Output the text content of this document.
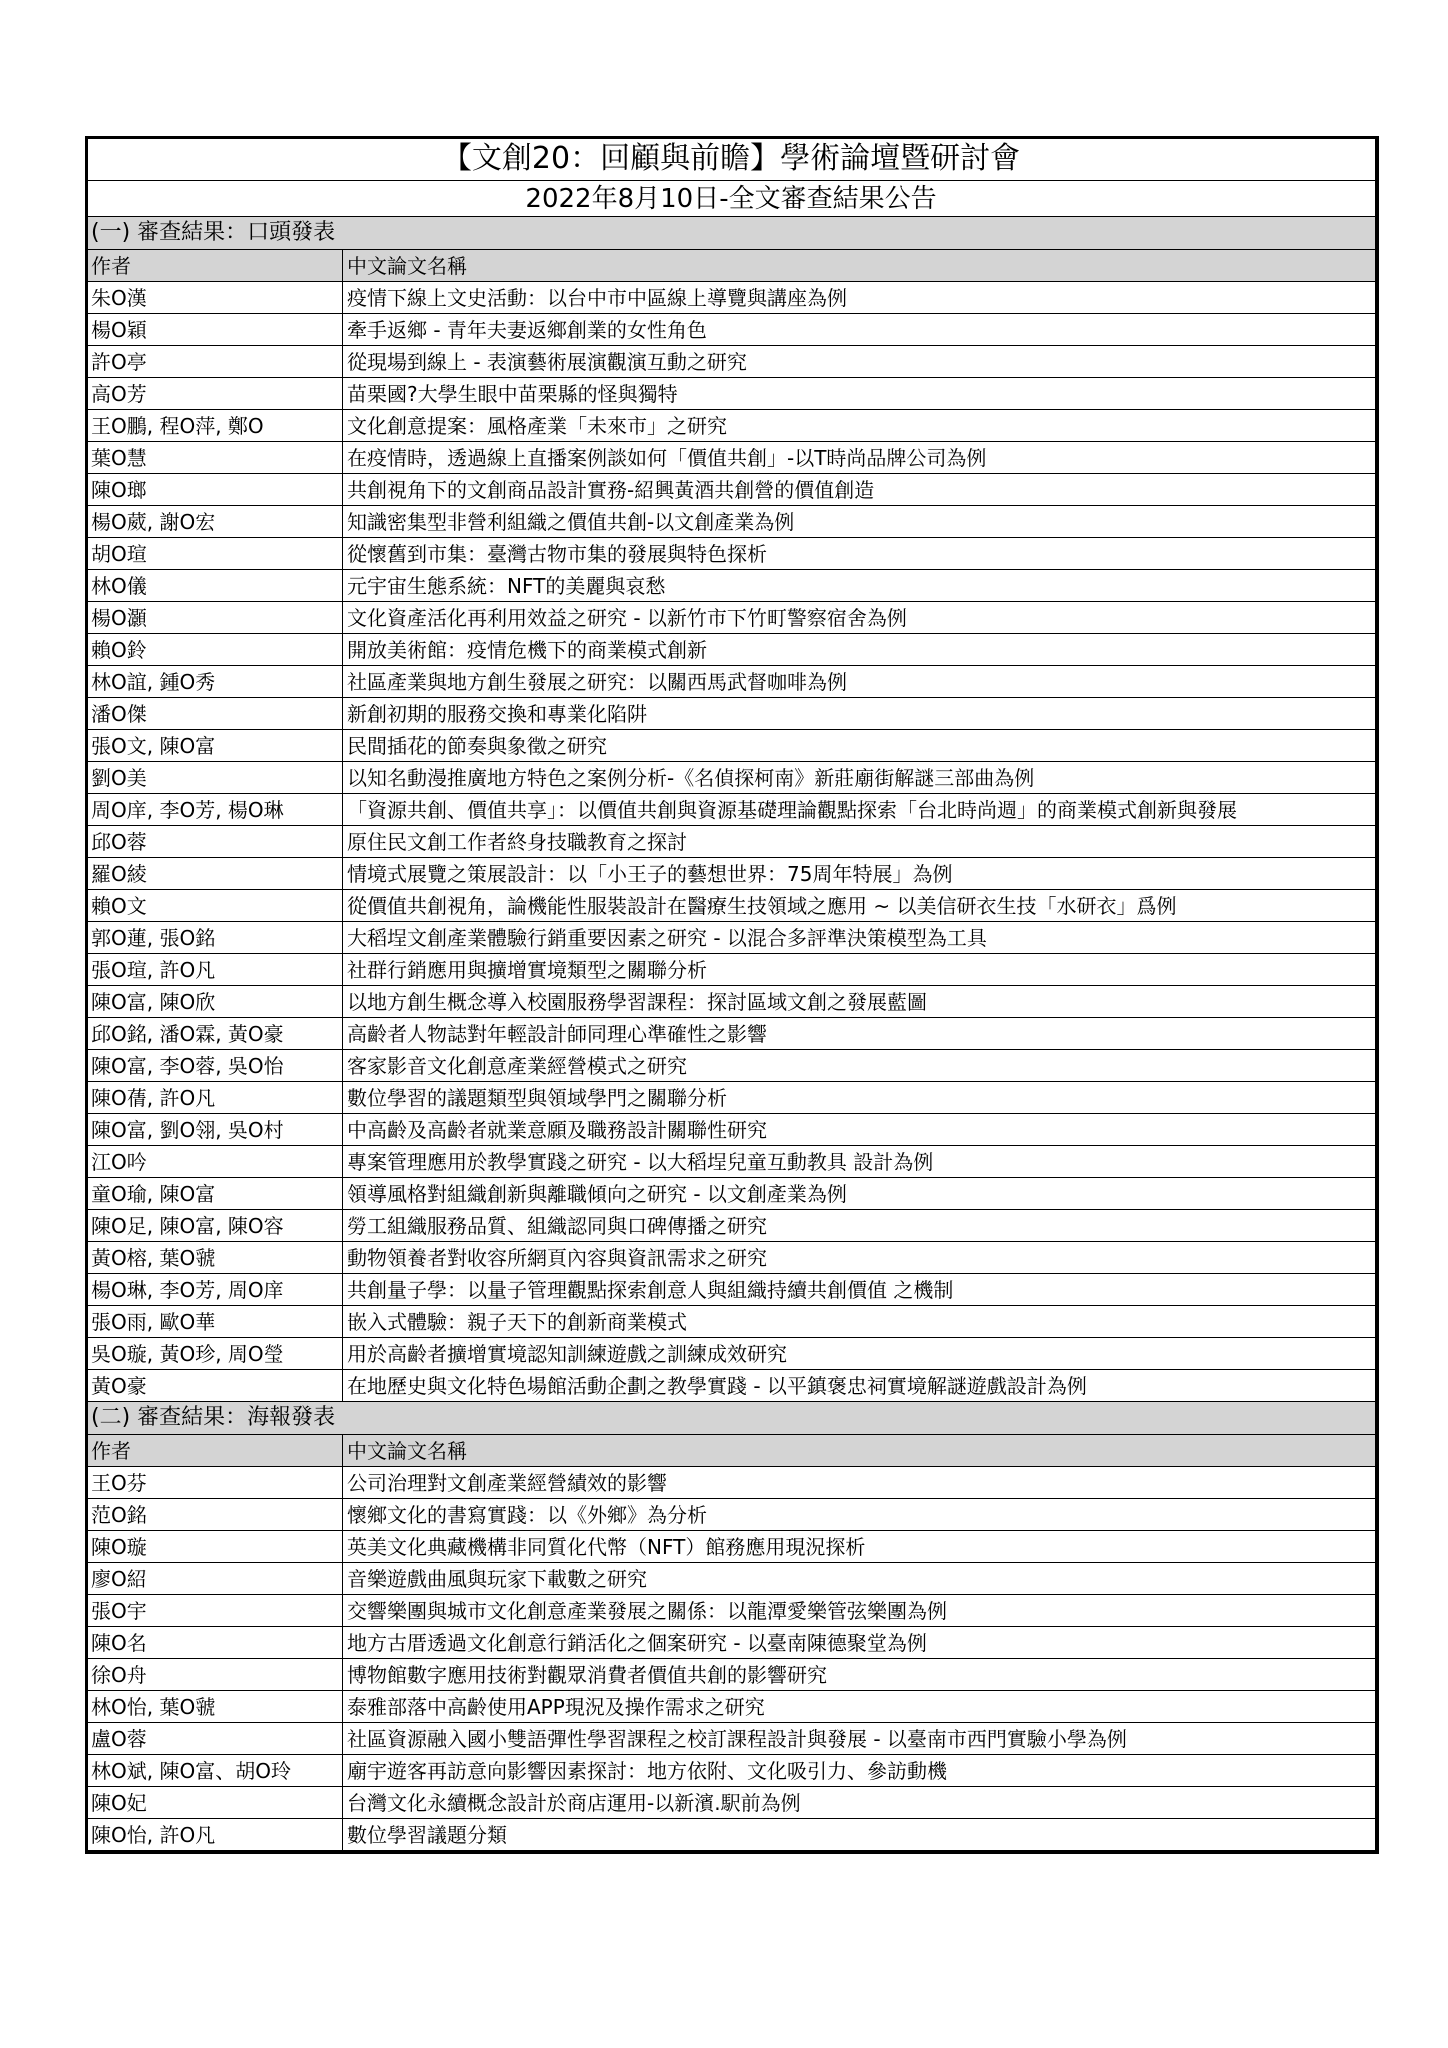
【文創20：回顧與前瞻】學術論壇暨研討會	
2022年8月10日-全文審查結果公告	
(一) 審查結果：口頭發表	
作者	中文論文名稱
朱O漢	疫情下線上文史活動：以台中市中區線上導覽與講座為例
楊O穎	牽手返鄉 - 青年夫妻返鄉創業的女性角色
許O亭	從現場到線上 - 表演藝術展演觀演互動之研究
高O芳	苗栗國?大學生眼中苗栗縣的怪與獨特
王O鵬, 程O萍, 鄭O	文化創意提案：風格產業「未來市」之研究
葉O慧	在疫情時，透過線上直播案例談如何「價值共創」-以T時尚品牌公司為例
陳O瑯	共創視角下的文創商品設計實務-紹興黃酒共創營的價值創造
楊O葳, 謝O宏	知識密集型非營利組織之價值共創-以文創產業為例
胡O瑄	從懷舊到市集：臺灣古物市集的發展與特色探析
林O儀	元宇宙生態系統：NFT的美麗與哀愁
楊O灝	文化資產活化再利用效益之研究 - 以新竹市下竹町警察宿舍為例
賴O鈴	開放美術館：疫情危機下的商業模式創新
林O誼, 鍾O秀	社區產業與地方創生發展之研究：以關西馬武督咖啡為例
潘O傑	新創初期的服務交換和專業化陷阱
張O文, 陳O富	民間插花的節奏與象徵之研究
劉O美	以知名動漫推廣地方特色之案例分析-《名偵探柯南》新莊廟街解謎三部曲為例
周O庠, 李O芳, 楊O琳	「資源共創、價值共享」：以價值共創與資源基礎理論觀點探索「台北時尚週」的商業模式創新與發展
邱O蓉	原住民文創工作者終身技職教育之探討
羅O綾	情境式展覽之策展設計：以「小王子的藝想世界：75周年特展」為例
賴O文	從價值共創視角，論機能性服裝設計在醫療生技領域之應用 ~ 以美信研衣生技「水研衣」爲例
郭O蓮, 張O銘	大稻埕文創產業體驗行銷重要因素之研究 - 以混合多評準決策模型為工具
張O瑄, 許O凡	社群行銷應用與擴增實境類型之關聯分析
陳O富, 陳O欣	以地方創生概念導入校園服務學習課程：探討區域文創之發展藍圖
邱O銘, 潘O霖, 黃O豪	高齡者人物誌對年輕設計師同理心準確性之影響
陳O富, 李O蓉, 吳O怡	客家影音文化創意產業經營模式之研究
陳O蒨, 許O凡	數位學習的議題類型與領域學門之關聯分析
陳O富, 劉O翎, 吳O村	中高齡及高齡者就業意願及職務設計關聯性研究
江O吟	專案管理應用於教學實踐之研究 - 以大稻埕兒童互動教具 設計為例
童O瑜, 陳O富	領導風格對組織創新與離職傾向之研究 - 以文創產業為例
陳O足, 陳O富, 陳O容	勞工組織服務品質、組織認同與口碑傳播之研究
黃O榕, 葉O虢	動物領養者對收容所網頁內容與資訊需求之研究
楊O琳, 李O芳, 周O庠	共創量子學：以量子管理觀點探索創意人與組織持續共創價值 之機制
張O雨, 歐O華	嵌入式體驗：親子天下的創新商業模式
吳O璇, 黃O珍, 周O瑩	用於高齡者擴增實境認知訓練遊戲之訓練成效研究
黃O豪	在地歷史與文化特色場館活動企劃之教學實踐 - 以平鎮褒忠祠實境解謎遊戲設計為例
(二) 審查結果：海報發表	
作者	中文論文名稱
王O芬	公司治理對文創產業經營績效的影響
范O銘	懷鄉文化的書寫實踐：以《外鄉》為分析
陳O璇	英美文化典藏機構非同質化代幣（NFT）館務應用現況探析
廖O紹	音樂遊戲曲風與玩家下載數之研究
張O宇	交響樂團與城市文化創意產業發展之關係：以龍潭愛樂管弦樂團為例
陳O名	地方古厝透過文化創意行銷活化之個案研究 - 以臺南陳德聚堂為例
徐O舟	博物館數字應用技術對觀眾消費者價值共創的影響研究
林O怡, 葉O虢	泰雅部落中高齡使用APP現況及操作需求之研究
盧O蓉	社區資源融入國小雙語彈性學習課程之校訂課程設計與發展 - 以臺南市西門實驗小學為例
林O斌, 陳O富、胡O玲	廟宇遊客再訪意向影響因素探討：地方依附、文化吸引力、參訪動機
陳O妃	台灣文化永續概念設計於商店運用-以新濱.駅前為例
陳O怡, 許O凡	數位學習議題分類
